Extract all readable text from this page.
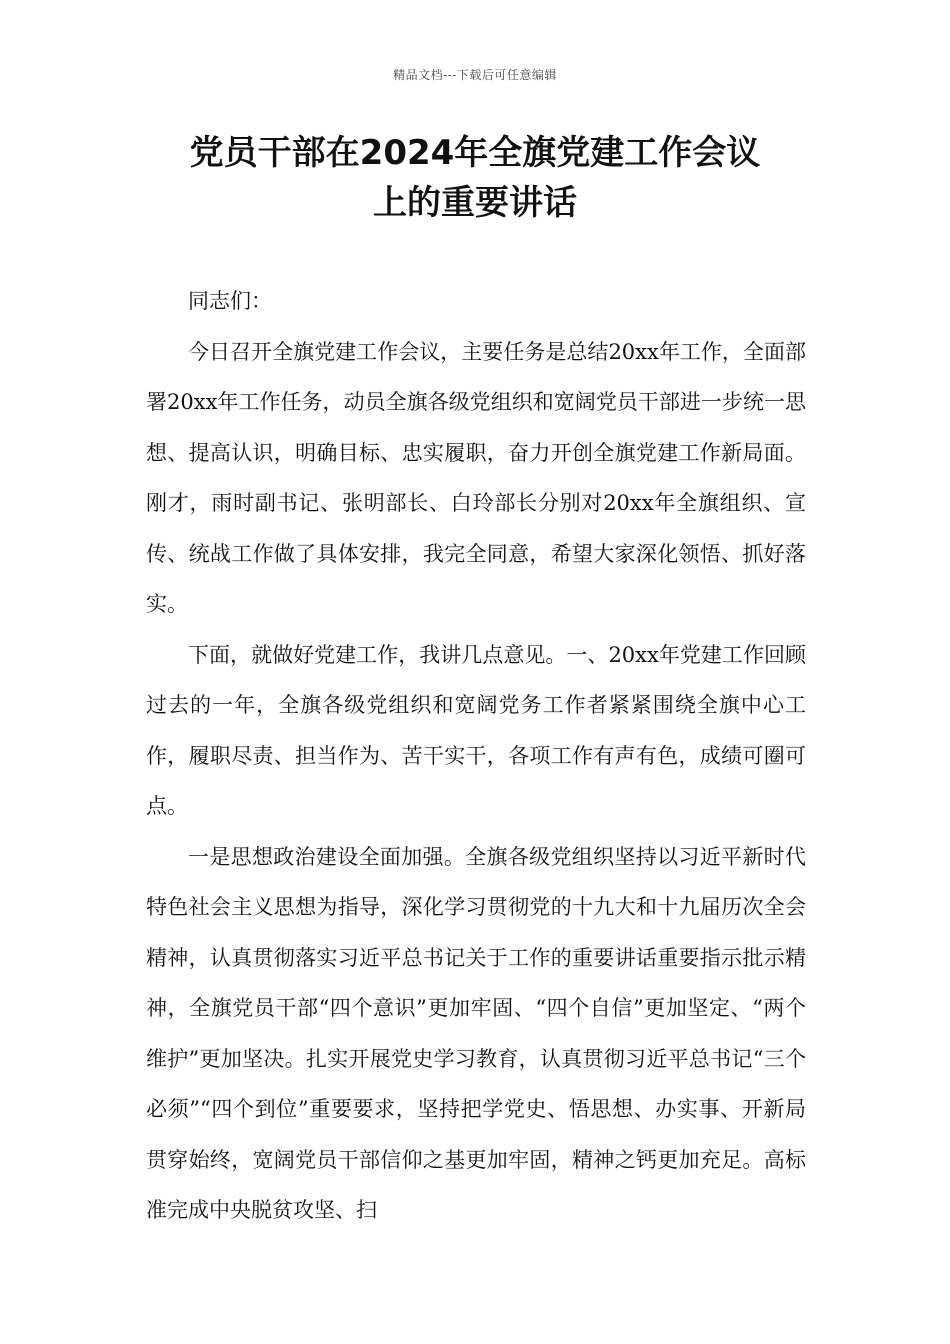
精品文档---下载后可任意编辑
党员干部在2024年全旗党建工作会议
上的重要讲话

同志们：

今日召开全旗党建工作会议，主要任务是总结20xx年工作，全面部署20xx年工作任务，动员全旗各级党组织和宽阔党员干部进一步统一思想、提高认识，明确目标、忠实履职，奋力开创全旗党建工作新局面。刚才，雨时副书记、张明部长、白玲部长分别对20xx年全旗组织、宣传、统战工作做了具体安排，我完全同意，希望大家深化领悟、抓好落实。

下面，就做好党建工作，我讲几点意见。一、20xx年党建工作回顾　　过去的一年，全旗各级党组织和宽阔党务工作者紧紧围绕全旗中心工作，履职尽责、担当作为、苦干实干，各项工作有声有色，成绩可圈可点。

一是思想政治建设全面加强。全旗各级党组织坚持以习近平新时代特色社会主义思想为指导，深化学习贯彻党的十九大和十九届历次全会精神，认真贯彻落实习近平总书记关于工作的重要讲话重要指示批示精神，全旗党员干部“四个意识”更加牢固、“四个自信”更加坚定、“两个维护”更加坚决。扎实开展党史学习教育，认真贯彻习近平总书记“三个必须”“四个到位”重要要求，坚持把学党史、悟思想、办实事、开新局贯穿始终，宽阔党员干部信仰之基更加牢固，精神之钙更加充足。高标准完成中央脱贫攻坚、扫
